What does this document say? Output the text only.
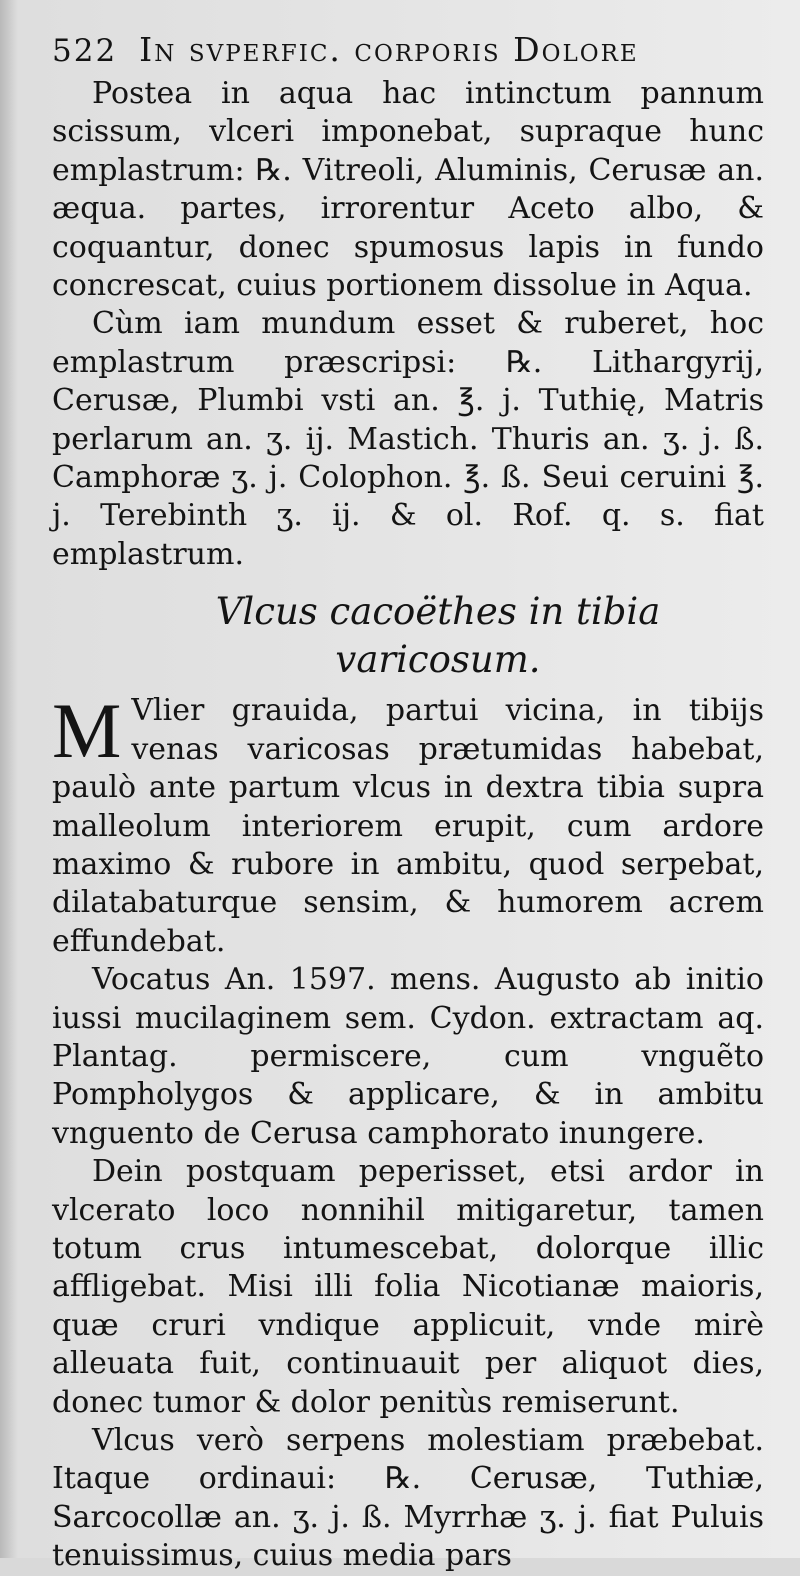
522 In svperfic. corporis Dolore

Postea in aqua hac intinctum pannum scissum, vlceri imponebat, supraque hunc emplastrum: ℞. Vitreoli, Aluminis, Cerusæ an. æqua. partes, irrorentur Aceto albo, & coquantur, donec spumosus lapis in fundo concrescat, cuius portionem dissolue in Aqua.

Cùm iam mundum esset & ruberet, hoc emplastrum præscripsi: ℞. Lithargyrij, Cerusæ, Plumbi vsti an. ℥. j. Tuthię, Matris perlarum an. ʒ. ij. Mastich. Thuris an. ʒ. j. ß. Camphoræ ʒ. j. Colophon. ℥. ß. Seui ceruini ℥. j. Terebinth ʒ. ij. & ol. Rof. q. s. fiat emplastrum.

Vlcus cacoëthes in tibia varicosum.

M Vlier grauida, partui vicina, in tibijs venas varicosas prætumidas habebat, paulò ante partum vlcus in dextra tibia supra malleolum interiorem erupit, cum ardore maximo & rubore in ambitu, quod serpebat, dilatabaturque sensim, & humorem acrem effundebat.

Vocatus An. 1597. mens. Augusto ab initio iussi mucilaginem sem. Cydon. extractam aq. Plantag. permiscere, cum vnguẽto Pompholygos & applicare, & in ambitu vnguento de Cerusa camphorato inungere.

Dein postquam peperisset, etsi ardor in vlcerato loco nonnihil mitigaretur, tamen totum crus intumescebat, dolorque illic affligebat. Misi illi folia Nicotianæ maioris, quæ cruri vndique applicuit, vnde mirè alleuata fuit, continuauit per aliquot dies, donec tumor & dolor penitùs remiserunt.

Vlcus verò serpens molestiam præbebat. Itaque ordinaui: ℞. Cerusæ, Tuthiæ, Sarcocollæ an. ʒ. j. ß. Myrrhæ ʒ. j. fiat Puluis tenuissimus, cuius media pars
